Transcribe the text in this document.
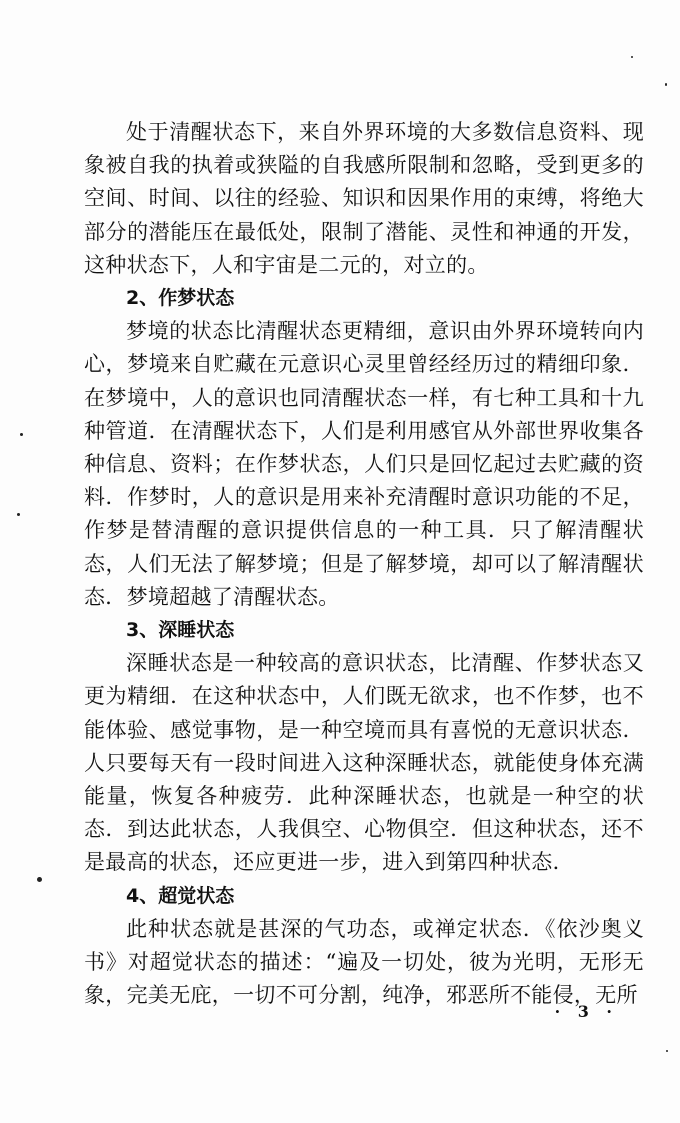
处于清醒状态下，来自外界环境的大多数信息资料、现象被自我的执着或狭隘的自我感所限制和忽略，受到更多的空间、时间、以往的经验、知识和因果作用的束缚，将绝大部分的潜能压在最低处，限制了潜能、灵性和神通的开发，这种状态下，人和宇宙是二元的，对立的。

2、作梦状态

梦境的状态比清醒状态更精细，意识由外界环境转向内心，梦境来自贮藏在元意识心灵里曾经经历过的精细印象．在梦境中，人的意识也同清醒状态一样，有七种工具和十九种管道．在清醒状态下，人们是利用感官从外部世界收集各种信息、资料；在作梦状态，人们只是回忆起过去贮藏的资料．作梦时，人的意识是用来补充清醒时意识功能的不足，作梦是替清醒的意识提供信息的一种工具．只了解清醒状态，人们无法了解梦境；但是了解梦境，却可以了解清醒状态．梦境超越了清醒状态。

3、深睡状态

深睡状态是一种较高的意识状态，比清醒、作梦状态又更为精细．在这种状态中，人们既无欲求，也不作梦，也不能体验、感觉事物，是一种空境而具有喜悦的无意识状态．人只要每天有一段时间进入这种深睡状态，就能使身体充满能量，恢复各种疲劳．此种深睡状态，也就是一种空的状态．到达此状态，人我俱空、心物俱空．但这种状态，还不是最高的状态，还应更进一步，进入到第四种状态．

4、超觉状态

此种状态就是甚深的气功态，或禅定状态．《依沙奥义书》对超觉状态的描述：“遍及一切处，彼为光明，无形无象，完美无庇，一切不可分割，纯净，邪恶所不能侵，无所

· 3 ·
